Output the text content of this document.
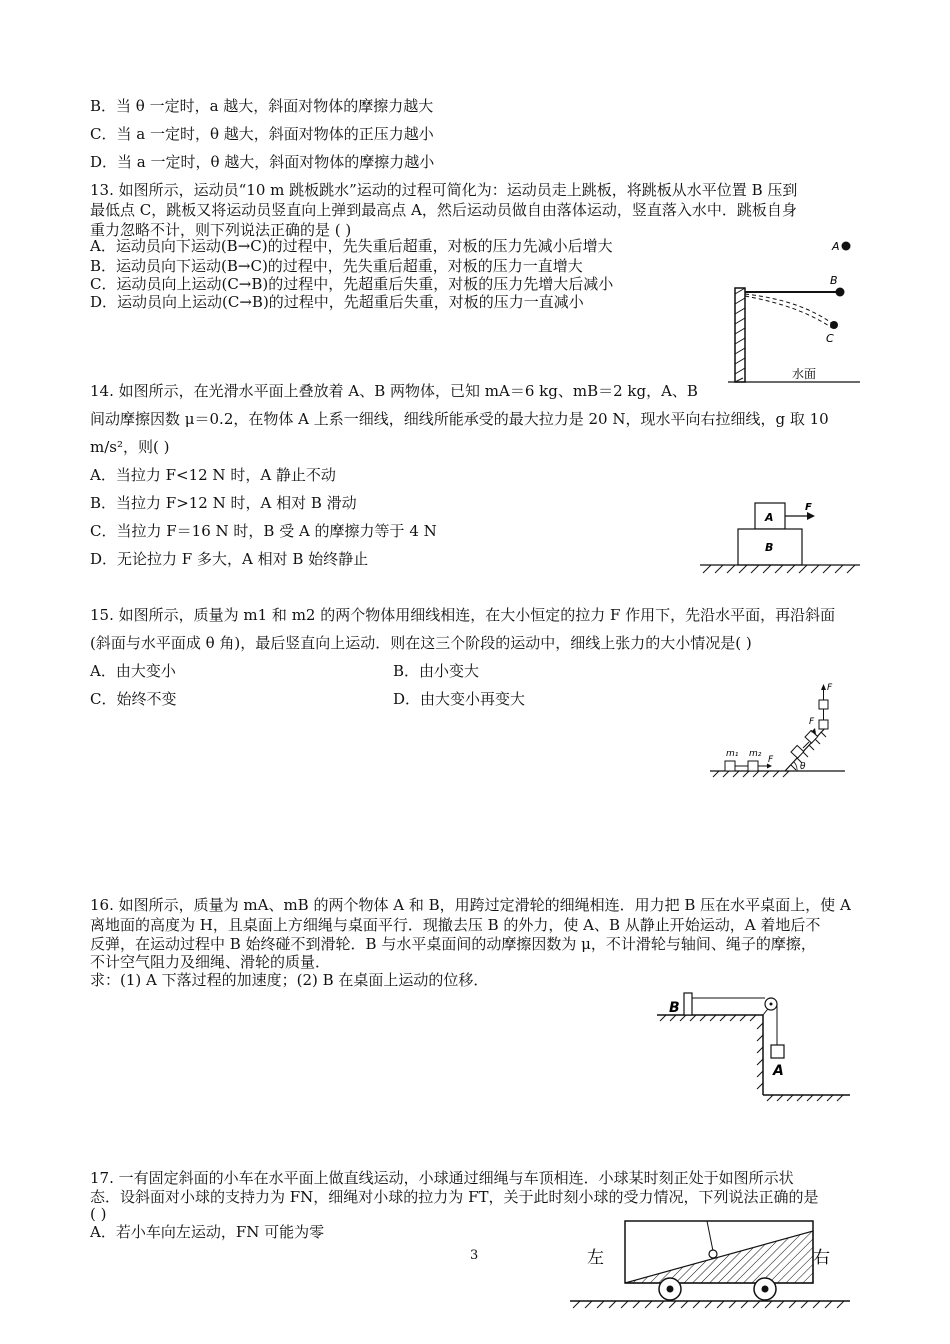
B．当 θ 一定时，a 越大，斜面对物体的摩擦力越大
C．当 a 一定时，θ 越大，斜面对物体的正压力越小
D．当 a 一定时，θ 越大，斜面对物体的摩擦力越小
13. 如图所示，运动员“10 m 跳板跳水”运动的过程可简化为：运动员走上跳板，将跳板从水平位置 B 压到
最低点 C，跳板又将运动员竖直向上弹到最高点 A，然后运动员做自由落体运动，竖直落入水中．跳板自身
重力忽略不计，则下列说法正确的是 ( )
A．运动员向下运动(B→C)的过程中，先失重后超重，对板的压力先减小后增大
B．运动员向下运动(B→C)的过程中，先失重后超重，对板的压力一直增大
C．运动员向上运动(C→B)的过程中，先超重后失重，对板的压力先增大后减小
D．运动员向上运动(C→B)的过程中，先超重后失重，对板的压力一直减小
A
B
C
水面
14. 如图所示，在光滑水平面上叠放着 A、B 两物体，已知 mA＝6 kg、mB＝2 kg，A、B
间动摩擦因数 μ＝0.2，在物体 A 上系一细线，细线所能承受的最大拉力是 20 N，现水平向右拉细线，g 取 10
m/s²，则( )
A．当拉力 F<12 N 时，A 静止不动
B．当拉力 F>12 N 时，A 相对 B 滑动
C．当拉力 F＝16 N 时，B 受 A 的摩擦力等于 4 N
D．无论拉力 F 多大，A 相对 B 始终静止
A
B
F
15. 如图所示，质量为 m1 和 m2 的两个物体用细线相连，在大小恒定的拉力 F 作用下，先沿水平面，再沿斜面
(斜面与水平面成 θ 角)，最后竖直向上运动．则在这三个阶段的运动中，细线上张力的大小情况是( )
A．由大变小	B．由小变大
C．始终不变	D．由大变小再变大
m₁ m₂
F
F
F
θ
16. 如图所示，质量为 mA、mB 的两个物体 A 和 B，用跨过定滑轮的细绳相连．用力把 B 压在水平桌面上，使 A
离地面的高度为 H，且桌面上方细绳与桌面平行．现撤去压 B 的外力，使 A、B 从静止开始运动，A 着地后不
反弹，在运动过程中 B 始终碰不到滑轮．B 与水平桌面间的动摩擦因数为 μ，不计滑轮与轴间、绳子的摩擦，
不计空气阻力及细绳、滑轮的质量．
求：(1) A 下落过程的加速度；(2) B 在桌面上运动的位移．
B
A
17. 一有固定斜面的小车在水平面上做直线运动，小球通过细绳与车顶相连．小球某时刻正处于如图所示状
态．设斜面对小球的支持力为 FN，细绳对小球的拉力为 FT，关于此时刻小球的受力情况，下列说法正确的是
( )
A．若小车向左运动，FN 可能为零
左	右
3
